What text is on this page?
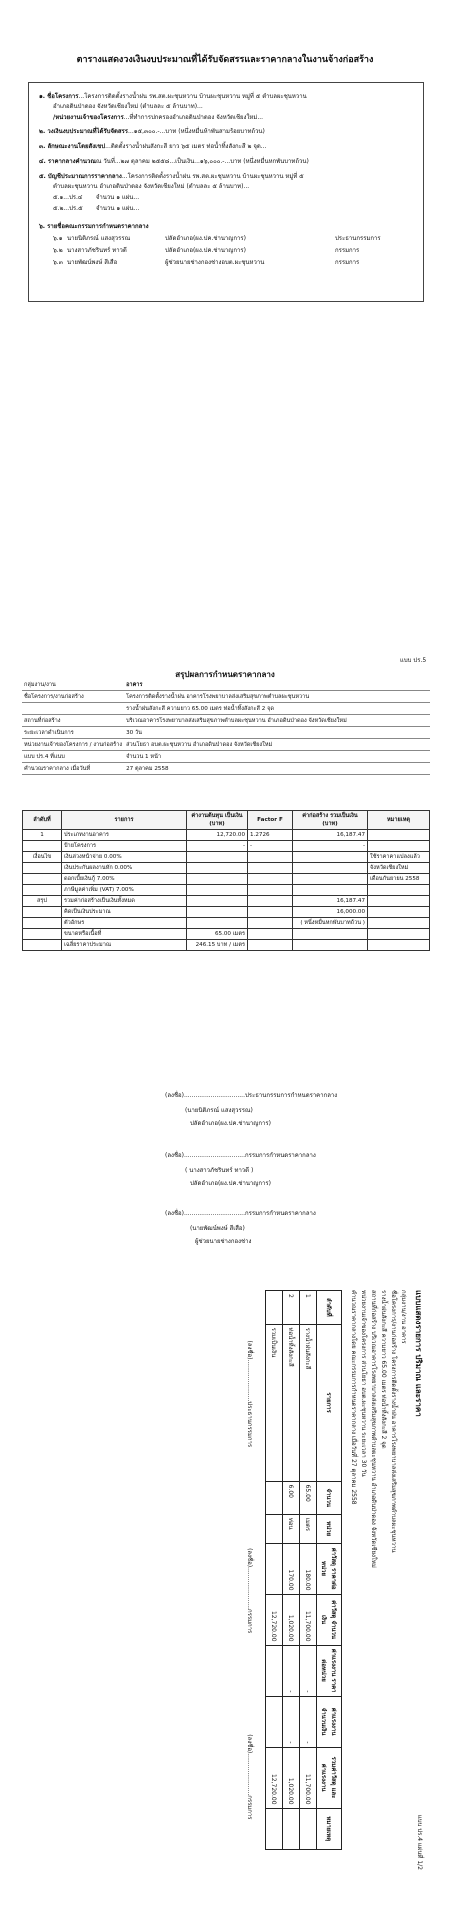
ตารางแสดงวงเงินงบประมาณที่ได้รับจัดสรรและราคากลางในงานจ้างก่อสร้าง
๑. ชื่อโครงการ...โครงการติดตั้งรางน้ำฝน รพ.สต.ผะชุนหวาน บ้านผะชุนหวาน หมู่ที่ ๕ ตำบลผะชุนหวาน
อำเภอดินป่าดอง จังหวัดเชียงใหม่ (ตำบลละ ๕ ล้านบาท)...
/หน่วยงานเจ้าของโครงการ...ที่ทำการปกครองอำเภอดินป่าดอง จังหวัดเชียงใหม่...
๒. วงเงินงบประมาณที่ได้รับจัดสรร...๑๕,๓๐๐.-...บาท (หนึ่งหมื่นห้าพันสามร้อยบาทถ้วน)
๓. ลักษณะงานโดยสังเขป...ติดตั้งรางน้ำฝนสังกะสี ยาว ๖๕ เมตร ท่อน้ำทิ้งสังกะสี ๒ จุด...
๔. ราคากลางคำนวณณ วันที่...๒๗ ตุลาคม ๒๕๕๘...เป็นเงิน...๑๖,๐๐๐.-...บาท (หนึ่งหมื่นหกพันบาทถ้วน)
๕. บัญชีประมาณการราคากลาง...โครงการติดตั้งรางน้ำฝน รพ.สต.ผะชุนหวาน บ้านผะชุนหวาน หมู่ที่ ๕
ตำบลผะชุนหวาน อำเภอดินป่าดอง จังหวัดเชียงใหม่ (ตำบลละ ๕ ล้านบาท)...
๕.๑...ปร.๔ จำนวน ๑ แผ่น...
๕.๒...ปร.๕ จำนวน ๑ แผ่น...
๖. รายชื่อคณะกรรมการกำหนดราคากลาง
๖.๑ นายนิติภรณ์ แสงสุวรรณ	ปลัดอำเภอ(ผง.ปค.ช่านาญการ)	ประธานกรรมการ
๖.๒ นางสาวภัชรินทร์ ทาวดี	ปลัดอำเภอ(ผง.ปค.ช่านาญการ)	กรรมการ
๖.๓ นายพัฒน์พงษ์ สีเสือ	ผู้ช่วยนายช่างกองช่างอบต.ผะชุนหวาน	กรรมการ
แบบ ปร.5
สรุปผลการกำหนดราคากลาง
กลุ่มงาน/งาน	อาคาร
ชื่อโครงการ/งานก่อสร้าง	โครงการติดตั้งรางน้ำฝน อาคารโรงพยาบาลส่งเสริมสุขภาพตำบลผะชุนหวาน
	รางน้ำฝนสังกะสี ความยาว 65.00 เมตร ท่อน้ำทิ้งสังกะสี 2 จุด
สถานที่ก่อสร้าง	บริเวณอาคารโรงพยาบาลส่งเสริมสุขภาพตำบลผะชุนหวาน อำเภอดินป่าดอง จังหวัดเชียงใหม่
ระยะเวลาดำเนินการ	30 วัน
หน่วยงานเจ้าของโครงการ / งานก่อสร้าง	ส่วนโยธา อบต.ผะชุนหวาน อำเภอดินป่าดอง จังหวัดเชียงใหม่
แบบ ปร.4 ที่แนบ	จำนวน 1 หน้า
คำนวณราคากลาง เมื่อวันที่	27 ตุลาคม 2558
ลำดับที่	รายการ	ค่างานต้นทุน เป็นเงิน (บาท)	Factor F	ค่าก่อสร้าง รวมเป็นเงิน (บาท)	หมายเหตุ
1	ประเภทงานอาคาร	12,720.00	1.2726	16,187.47	
	ป้ายโครงการ	-	-	-	
เงื่อนไข	เงินล่วงหน้าจ่าย 0.00%				ใช้ราคาคาแปลงแล้ว
	เงินประกันผลงานหัก 0.00%				จังหวัดเชียงใหม่
	ดอกเบี้ยเงินกู้ 7.00%				เดือนกันยายน 2558
	ภาษีมูลค่าเพิ่ม (VAT) 7.00%				
สรุป	รวมค่าก่อสร้างเป็นเงินทั้งหมด			16,187.47	
	คิดเป็นเงินประมาณ			16,000.00	
	ตัวอักษร			( หนึ่งหมื่นหกพันบาทถ้วน )	
	ขนาดหรือเนื้อที่	65.00 เมตร			
	เฉลี่ยราคาประมาณ	246.15 บาท / เมตร			
(ลงชื่อ)................................ประธานกรรมการกำหนดราคากลาง
(นายนิติภรณ์ แสงสุวรรณ)
ปลัดอำเภอ(ผง.ปค.ช่านาญการ)
(ลงชื่อ)................................กรรมการกำหนดราคากลาง
( นางสาวภัชรินทร์ ทาวดี )
ปลัดอำเภอ(ผง.ปค.ช่านาญการ)
(ลงชื่อ)................................กรรมการกำหนดราคากลาง
(นายพัฒน์พงษ์ สีเสือ)
ผู้ช่วยนายช่างกองช่าง
แบบแสดงรายการ ปริมาณ และราคา
แบบ ปร.4 แผ่นที่ 1/2
กลุ่มงาน/งาน อาคาร
ชื่อโครงการ/งานก่อสร้าง โครงการติดตั้งรางน้ำฝน อาคารโรงพยาบาลส่งเสริมสุขภาพตำบลผะชุนหวาน
รางน้ำฝนสังกะสี ความยาว 65.00 เมตร ท่อน้ำทิ้งสังกะสี 2 จุด
สถานที่ก่อสร้าง บริเวณอาคารโรงพยาบาลส่งเสริมสุขภาพตำบลผะชุนหวาน อำเภอดินป่าดอง จังหวัดเชียงใหม่
หน่วยงานเจ้าของโครงการ ส่วนโยธา อบต.ผะชุนหวาน ระยะเวลา 30 วัน
คำนวณราคากลางโดย คณะกรรมการกำหนดราคากลาง เมื่อวันที่ 27 ตุลาคม 2558
ลำดับที่	รายการ	จำนวน	หน่วย	ค่าวัสดุ ราคาต่อหน่วย	ค่าวัสดุ จำนวนเงิน	ค่าแรงงาน ราคาต่อหน่วย	ค่าแรงงาน จำนวนเงิน	รวมค่าวัสดุ และค่าแรงงาน	หมายเหตุ
1	รางน้ำฝนสังกะสี	65.00	เมตร	180.00	11,700.00	-	-	11,700.00	
2	ท่อน้ำทิ้งสังกะสี	6.00	ท่อน	170.00	1,020.00	-	-	1,020.00	
	รวมเป็นเงิน				12,720.00			12,720.00	
(ลงชื่อ)......................ประธานกรรมการ
(ลงชื่อ)......................กรรมการ
(ลงชื่อ)......................กรรมการ
